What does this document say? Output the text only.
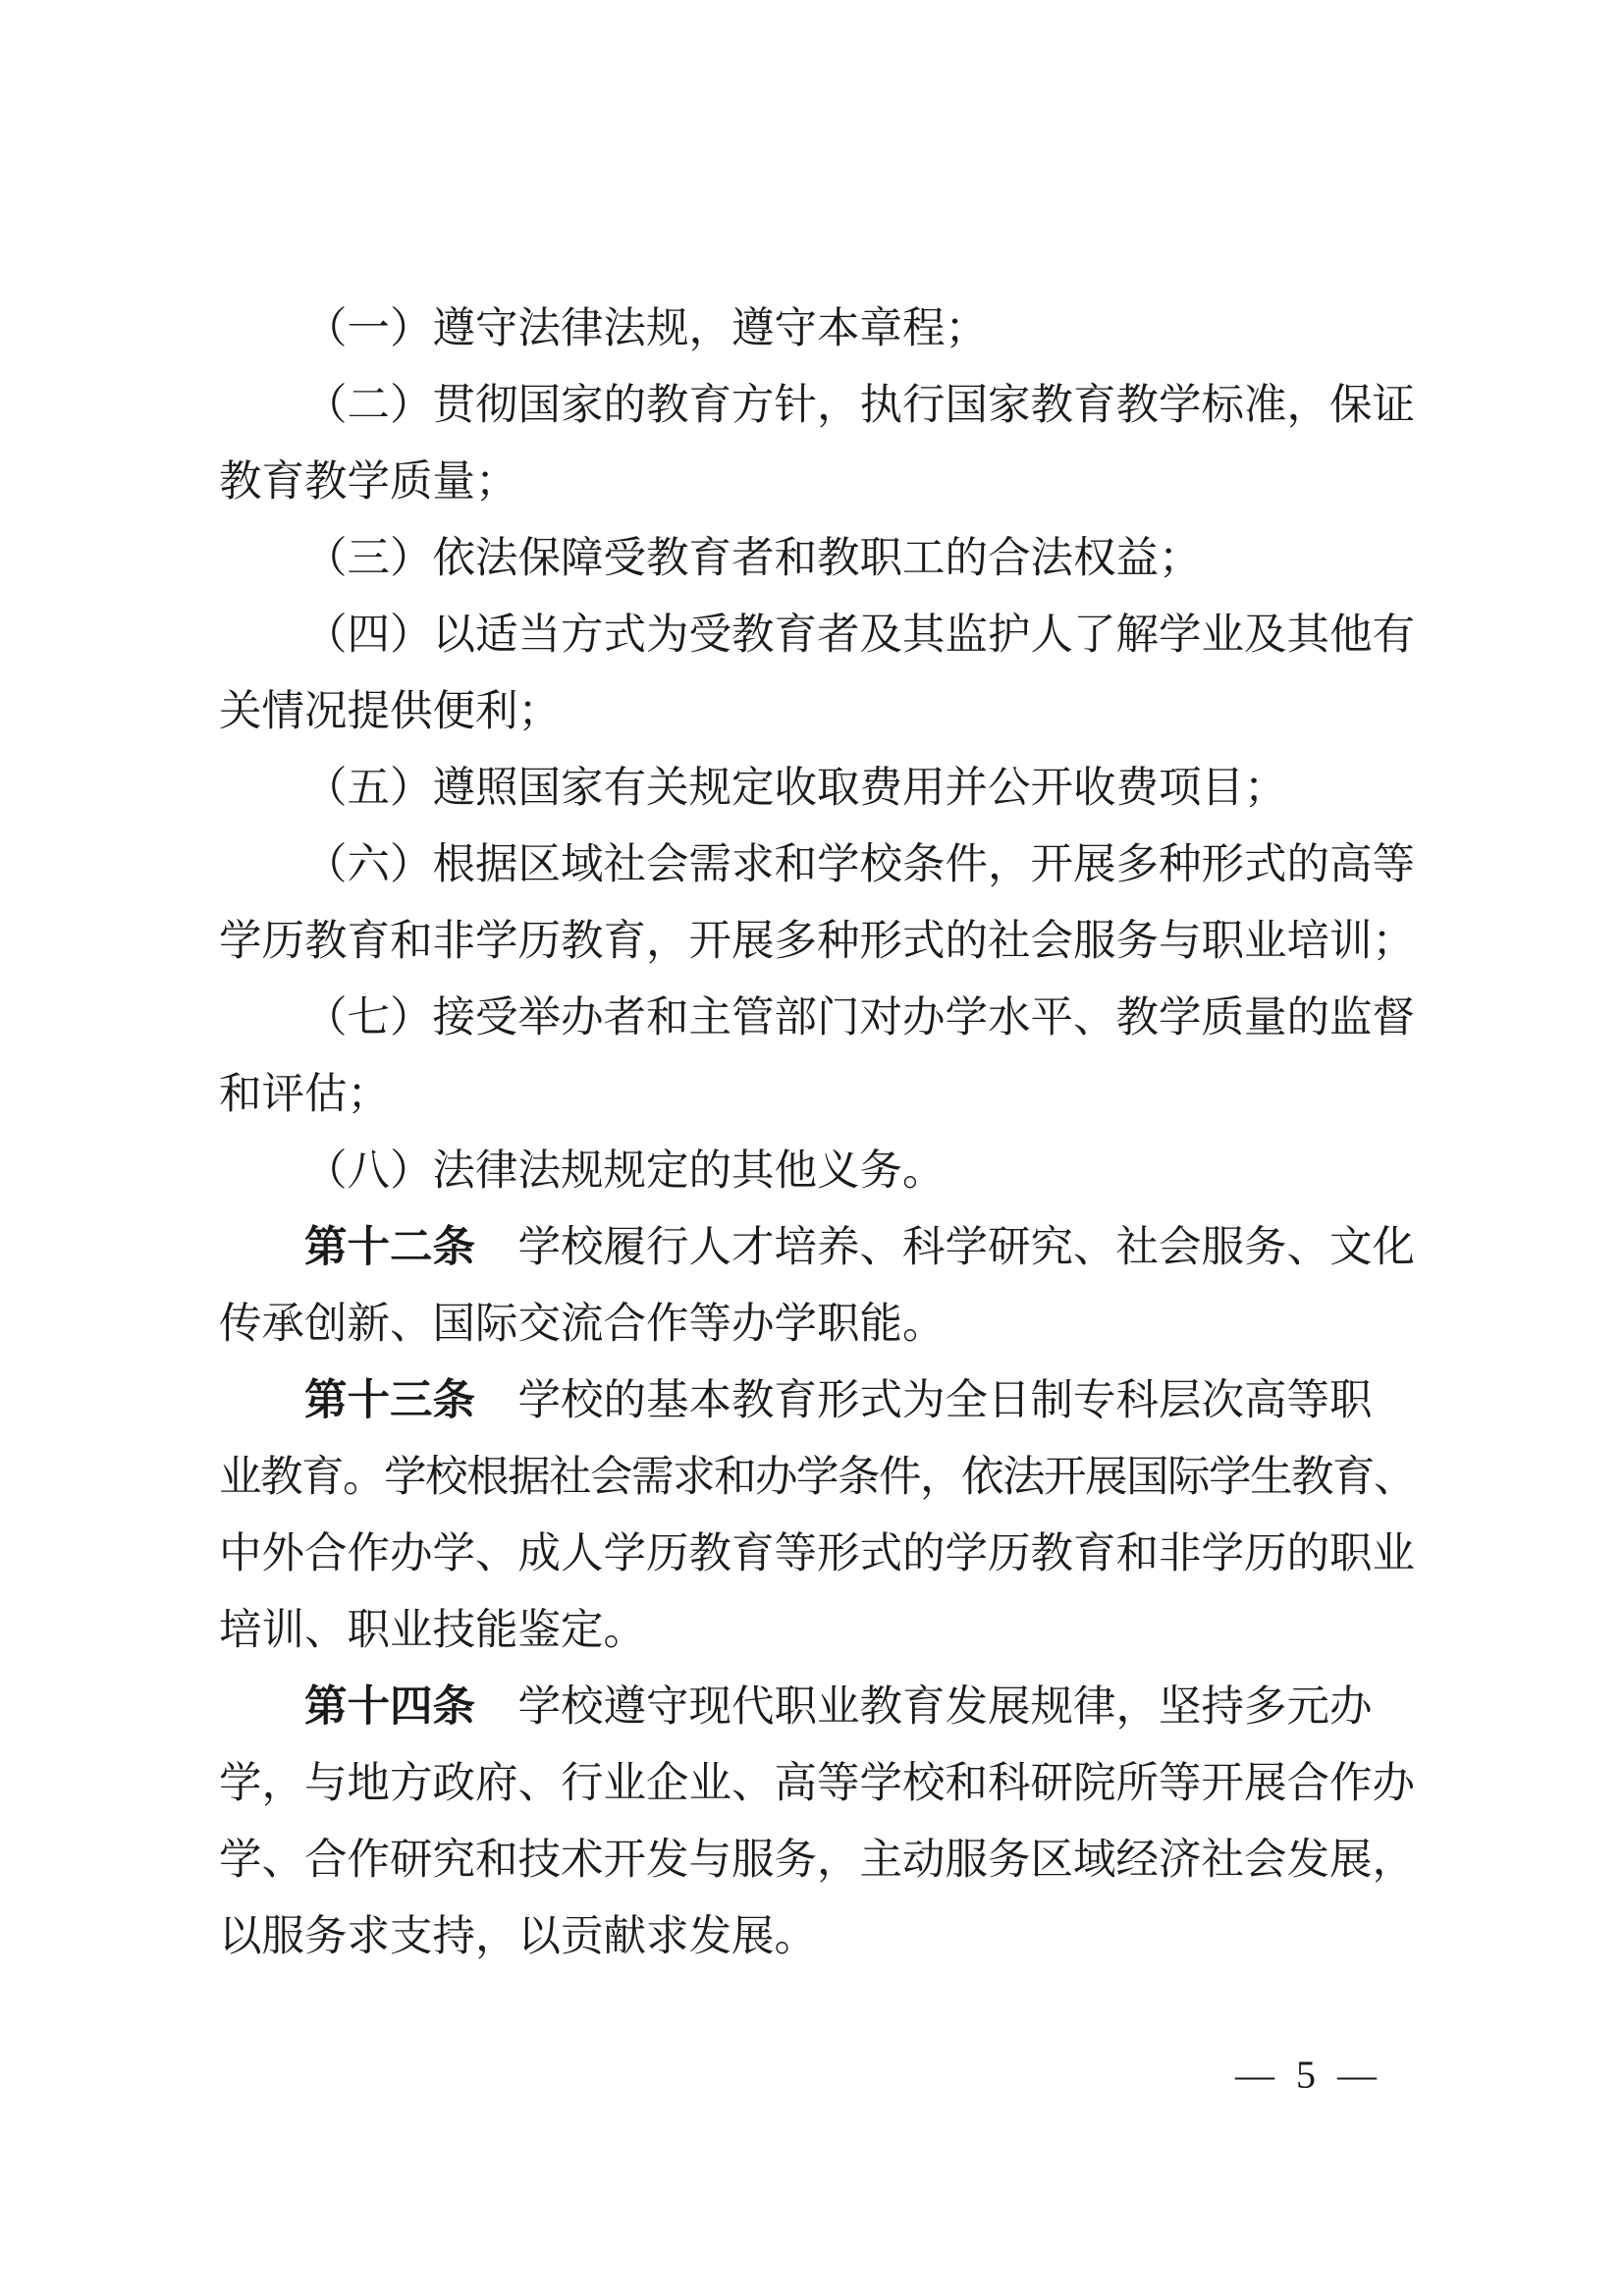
（一）遵守法律法规，遵守本章程；
（二）贯彻国家的教育方针，执行国家教育教学标准，保证
教育教学质量；
（三）依法保障受教育者和教职工的合法权益；
（四）以适当方式为受教育者及其监护人了解学业及其他有
关情况提供便利；
（五）遵照国家有关规定收取费用并公开收费项目；
（六）根据区域社会需求和学校条件，开展多种形式的高等
学历教育和非学历教育，开展多种形式的社会服务与职业培训；
（七）接受举办者和主管部门对办学水平、教学质量的监督
和评估；
（八）法律法规规定的其他义务。
第十二条　学校履行人才培养、科学研究、社会服务、文化
传承创新、国际交流合作等办学职能。
第十三条　学校的基本教育形式为全日制专科层次高等职
业教育。学校根据社会需求和办学条件，依法开展国际学生教育、
中外合作办学、成人学历教育等形式的学历教育和非学历的职业
培训、职业技能鉴定。
第十四条　学校遵守现代职业教育发展规律，坚持多元办
学，与地方政府、行业企业、高等学校和科研院所等开展合作办
学、合作研究和技术开发与服务，主动服务区域经济社会发展，
以服务求支持，以贡献求发展。
— 5 —
